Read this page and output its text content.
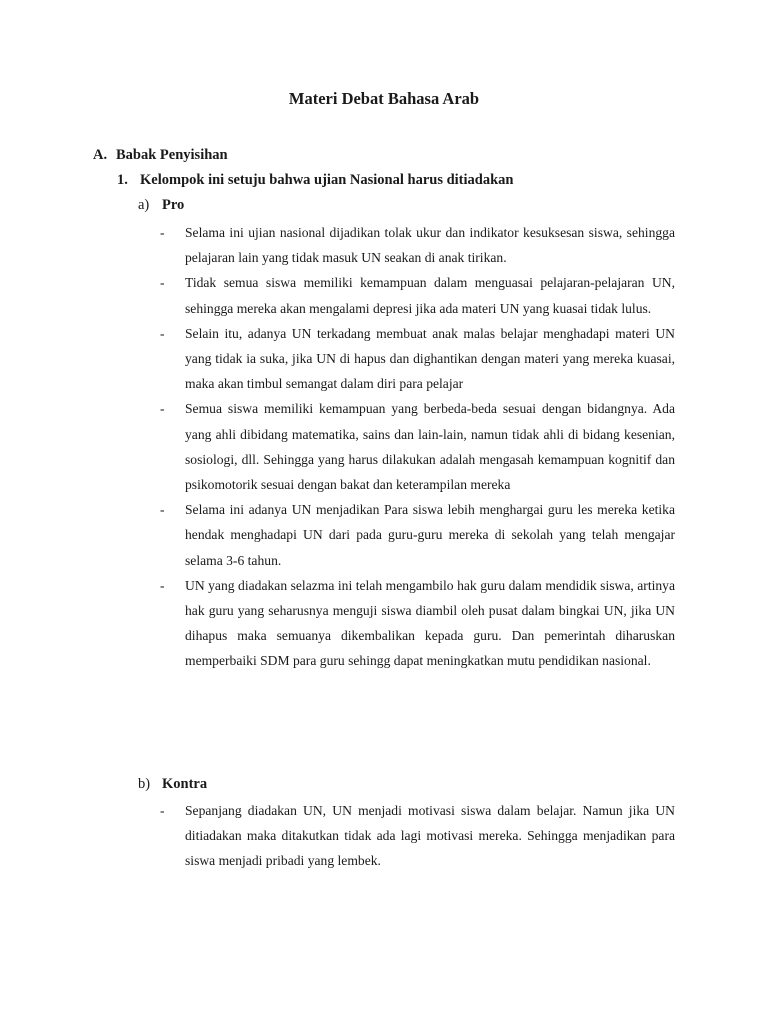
Materi Debat Bahasa Arab
A. Babak Penyisihan
1. Kelompok ini setuju bahwa ujian Nasional harus ditiadakan
a) Pro
- Selama ini ujian nasional dijadikan tolak ukur dan indikator kesuksesan siswa, sehingga pelajaran lain yang tidak masuk UN seakan di anak tirikan.
- Tidak semua siswa memiliki kemampuan dalam menguasai pelajaran-pelajaran UN, sehingga mereka akan mengalami depresi jika ada materi UN yang kuasai tidak lulus.
- Selain itu, adanya UN terkadang membuat anak malas belajar menghadapi materi UN yang tidak ia suka, jika UN di hapus dan dighantikan dengan materi yang mereka kuasai, maka akan timbul semangat dalam diri para pelajar
- Semua siswa memiliki kemampuan yang berbeda-beda sesuai dengan bidangnya. Ada yang ahli dibidang matematika, sains dan lain-lain, namun tidak ahli di bidang kesenian, sosiologi, dll. Sehingga yang harus dilakukan adalah mengasah kemampuan kognitif dan psikomotorik sesuai dengan bakat dan keterampilan mereka
- Selama ini adanya UN menjadikan Para siswa lebih menghargai guru les mereka ketika hendak menghadapi UN dari pada guru-guru mereka di sekolah yang telah mengajar selama 3-6 tahun.
- UN yang diadakan selazma ini telah mengambilo hak guru dalam mendidik siswa, artinya hak guru yang seharusnya menguji siswa diambil oleh pusat dalam bingkai UN, jika UN dihapus maka semuanya dikembalikan kepada guru. Dan pemerintah diharuskan memperbaiki SDM para guru sehingg dapat meningkatkan mutu pendidikan nasional.
b) Kontra
- Sepanjang diadakan UN, UN menjadi motivasi siswa dalam belajar. Namun jika UN ditiadakan maka ditakutkan tidak ada lagi motivasi mereka. Sehingga menjadikan para siswa menjadi pribadi yang lembek.
